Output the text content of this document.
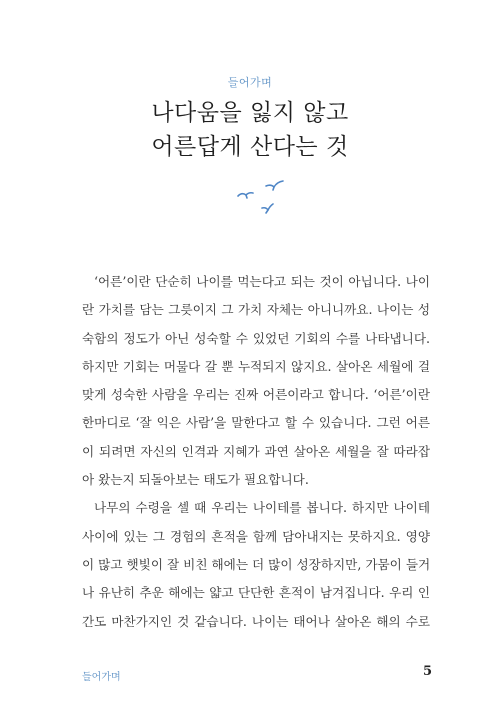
들어가며
나다움을 잃지 않고
어른답게 산다는 것

‘어른’이란 단순히 나이를 먹는다고 되는 것이 아닙니다. 나이
란 가치를 담는 그릇이지 그 가치 자체는 아니니까요. 나이는 성
숙함의 정도가 아닌 성숙할 수 있었던 기회의 수를 나타냅니다.
하지만 기회는 머물다 갈 뿐 누적되지 않지요. 살아온 세월에 걸
맞게 성숙한 사람을 우리는 진짜 어른이라고 합니다. ‘어른’이란
한마디로 ‘잘 익은 사람’을 말한다고 할 수 있습니다. 그런 어른
이 되려면 자신의 인격과 지혜가 과연 살아온 세월을 잘 따라잡
아 왔는지 되돌아보는 태도가 필요합니다.

나무의 수령을 셀 때 우리는 나이테를 봅니다. 하지만 나이테
사이에 있는 그 경험의 흔적을 함께 담아내지는 못하지요. 영양
이 많고 햇빛이 잘 비친 해에는 더 많이 성장하지만, 가뭄이 들거
나 유난히 추운 해에는 얇고 단단한 흔적이 남겨집니다. 우리 인
간도 마찬가지인 것 같습니다. 나이는 태어나 살아온 해의 수로

들어가며	5
